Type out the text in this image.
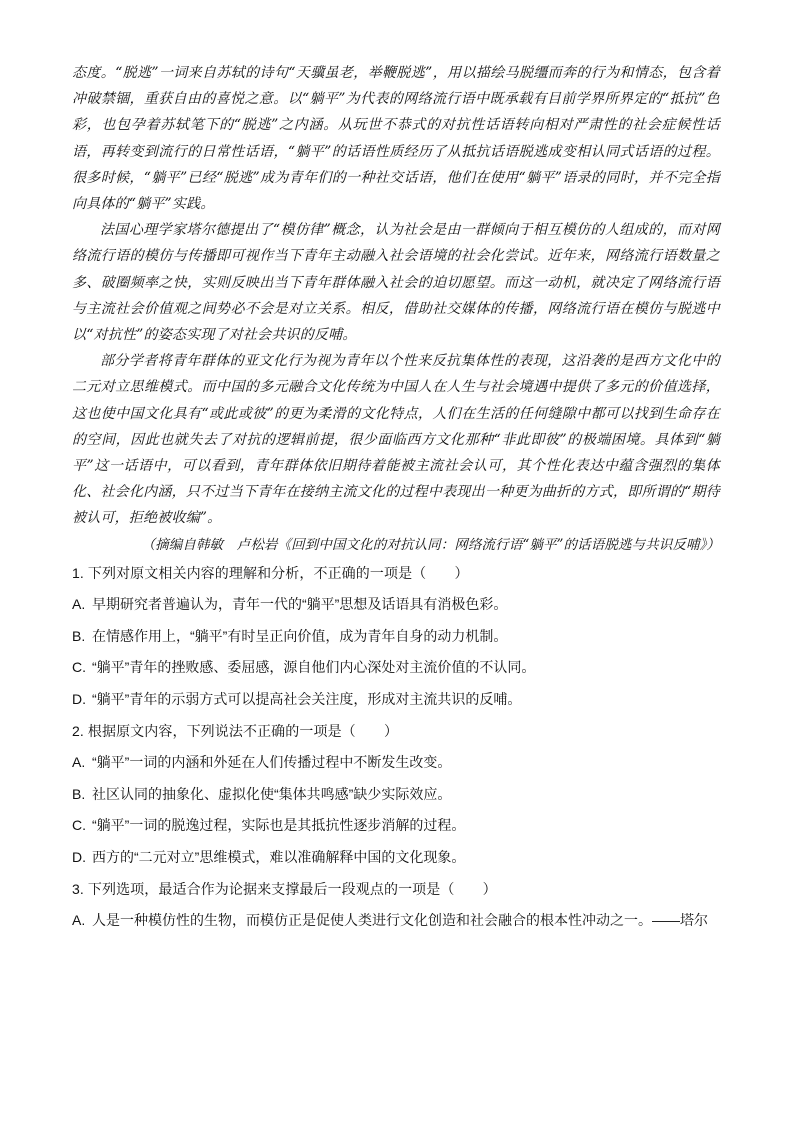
态度。“脱逃”一词来自苏轼的诗句“天骥虽老，举鞭脱逃”，用以描绘马脱缰而奔的行为和情态，包含着冲破禁锢，重获自由的喜悦之意。以“躺平”为代表的网络流行语中既承载有目前学界所界定的“抵抗”色彩，也包孕着苏轼笔下的“脱逃”之内涵。从玩世不恭式的对抗性话语转向相对严肃性的社会症候性话语，再转变到流行的日常性话语，“躺平”的话语性质经历了从抵抗话语脱逃成变相认同式话语的过程。很多时候，“躺平”已经“脱逃”成为青年们的一种社交话语，他们在使用“躺平”语录的同时，并不完全指向具体的“躺平”实践。

法国心理学家塔尔德提出了“模仿律”概念，认为社会是由一群倾向于相互模仿的人组成的，而对网络流行语的模仿与传播即可视作当下青年主动融入社会语境的社会化尝试。近年来，网络流行语数量之多、破圈频率之快，实则反映出当下青年群体融入社会的迫切愿望。而这一动机，就决定了网络流行语与主流社会价值观之间势必不会是对立关系。相反，借助社交媒体的传播，网络流行语在模仿与脱逃中以“对抗性”的姿态实现了对社会共识的反哺。

部分学者将青年群体的亚文化行为视为青年以个性来反抗集体性的表现，这沿袭的是西方文化中的二元对立思维模式。而中国的多元融合文化传统为中国人在人生与社会境遇中提供了多元的价值选择，这也使中国文化具有“或此或彼”的更为柔滑的文化特点，人们在生活的任何缝隙中都可以找到生命存在的空间，因此也就失去了对抗的逻辑前提，很少面临西方文化那种“非此即彼”的极端困境。具体到“躺平”这一话语中，可以看到，青年群体依旧期待着能被主流社会认可，其个性化表达中蕴含强烈的集体化、社会化内涵，只不过当下青年在接纳主流文化的过程中表现出一种更为曲折的方式，即所谓的“期待被认可，拒绝被收编”。

（摘编自韩敏　卢松岩《回到中国文化的对抗认同：网络流行语“躺平”的话语脱逃与共识反哺》）

1. 下列对原文相关内容的理解和分析，不正确的一项是（　　）

A. 早期研究者普遍认为，青年一代的“躺平”思想及话语具有消极色彩。

B. 在情感作用上，“躺平”有时呈正向价值，成为青年自身的动力机制。

C. “躺平”青年的挫败感、委屈感，源自他们内心深处对主流价值的不认同。

D. “躺平”青年的示弱方式可以提高社会关注度，形成对主流共识的反哺。

2. 根据原文内容，下列说法不正确的一项是（　　）

A. “躺平”一词的内涵和外延在人们传播过程中不断发生改变。

B. 社区认同的抽象化、虚拟化使“集体共鸣感”缺少实际效应。

C. “躺平”一词的脱逸过程，实际也是其抵抗性逐步消解的过程。

D. 西方的“二元对立”思维模式，难以准确解释中国的文化现象。

3. 下列选项，最适合作为论据来支撑最后一段观点的一项是（　　）

A. 人是一种模仿性的生物，而模仿正是促使人类进行文化创造和社会融合的根本性冲动之一。——塔尔
